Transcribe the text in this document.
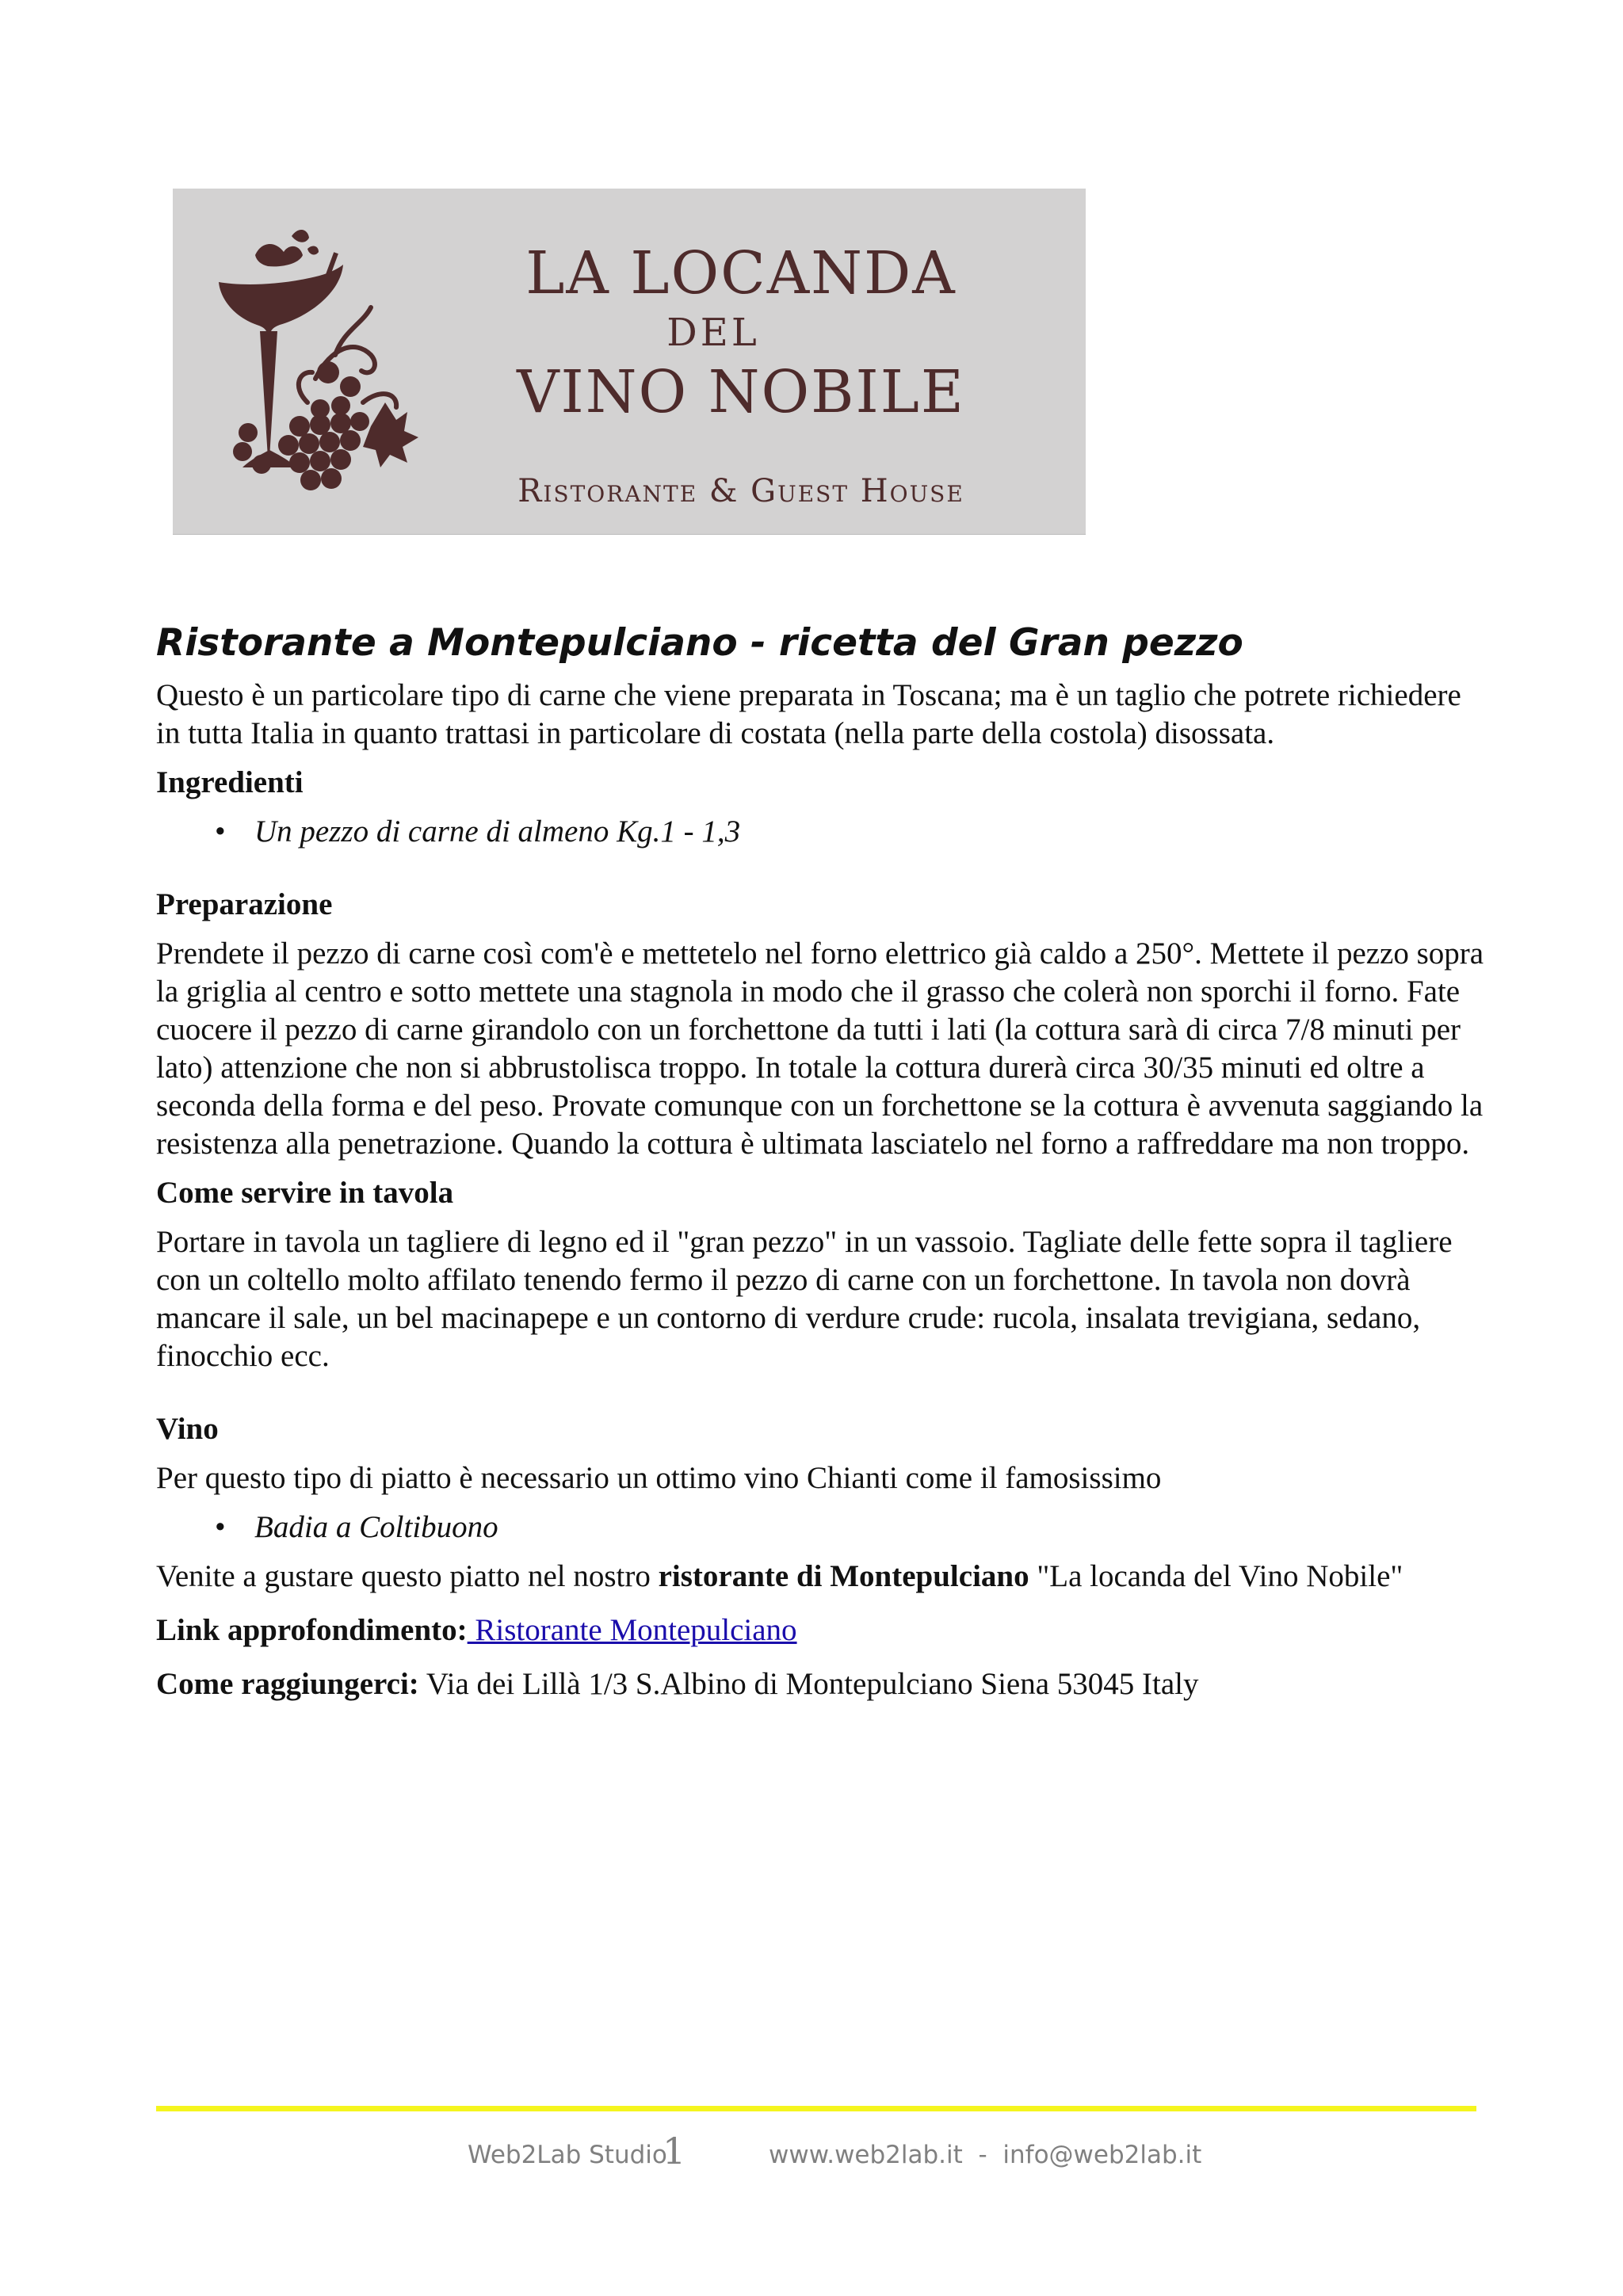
LA LOCANDA
DEL
VINO NOBILE
Ristorante & Guest House
Ristorante a Montepulciano - ricetta del Gran pezzo

Questo è un particolare tipo di carne che viene preparata in Toscana; ma è un taglio che potrete richiedere in tutta Italia in quanto trattasi in particolare di costata (nella parte della costola) disossata.

Ingredienti
• Un pezzo di carne di almeno Kg.1 - 1,3
Preparazione

Prendete il pezzo di carne così com'è e mettetelo nel forno elettrico già caldo a 250°. Mettete il pezzo sopra la griglia al centro e sotto mettete una stagnola in modo che il grasso che colerà non sporchi il forno. Fate cuocere il pezzo di carne girandolo con un forchettone da tutti i lati (la cottura sarà di circa 7/8 minuti per lato) attenzione che non si abbrustolisca troppo. In totale la cottura durerà circa 30/35 minuti ed oltre a seconda della forma e del peso. Provate comunque con un forchettone se la cottura è avvenuta saggiando la resistenza alla penetrazione. Quando la cottura è ultimata lasciatelo nel forno a raffreddare ma non troppo.

Come servire in tavola

Portare in tavola un tagliere di legno ed il "gran pezzo" in un vassoio. Tagliate delle fette sopra il tagliere con un coltello molto affilato tenendo fermo il pezzo di carne con un forchettone. In tavola non dovrà mancare il sale, un bel macinapepe e un contorno di verdure crude: rucola, insalata trevigiana, sedano, finocchio ecc.

Vino

Per questo tipo di piatto è necessario un ottimo vino Chianti come il famosissimo

• Badia a Coltibuono

Venite a gustare questo piatto nel nostro ristorante di Montepulciano "La locanda del Vino Nobile"

Link approfondimento: Ristorante Montepulciano

Come raggiungerci: Via dei Lillà 1/3 S.Albino di Montepulciano Siena 53045 Italy

Web2Lab Studio
1	www.web2lab.it  -  info@web2lab.it
